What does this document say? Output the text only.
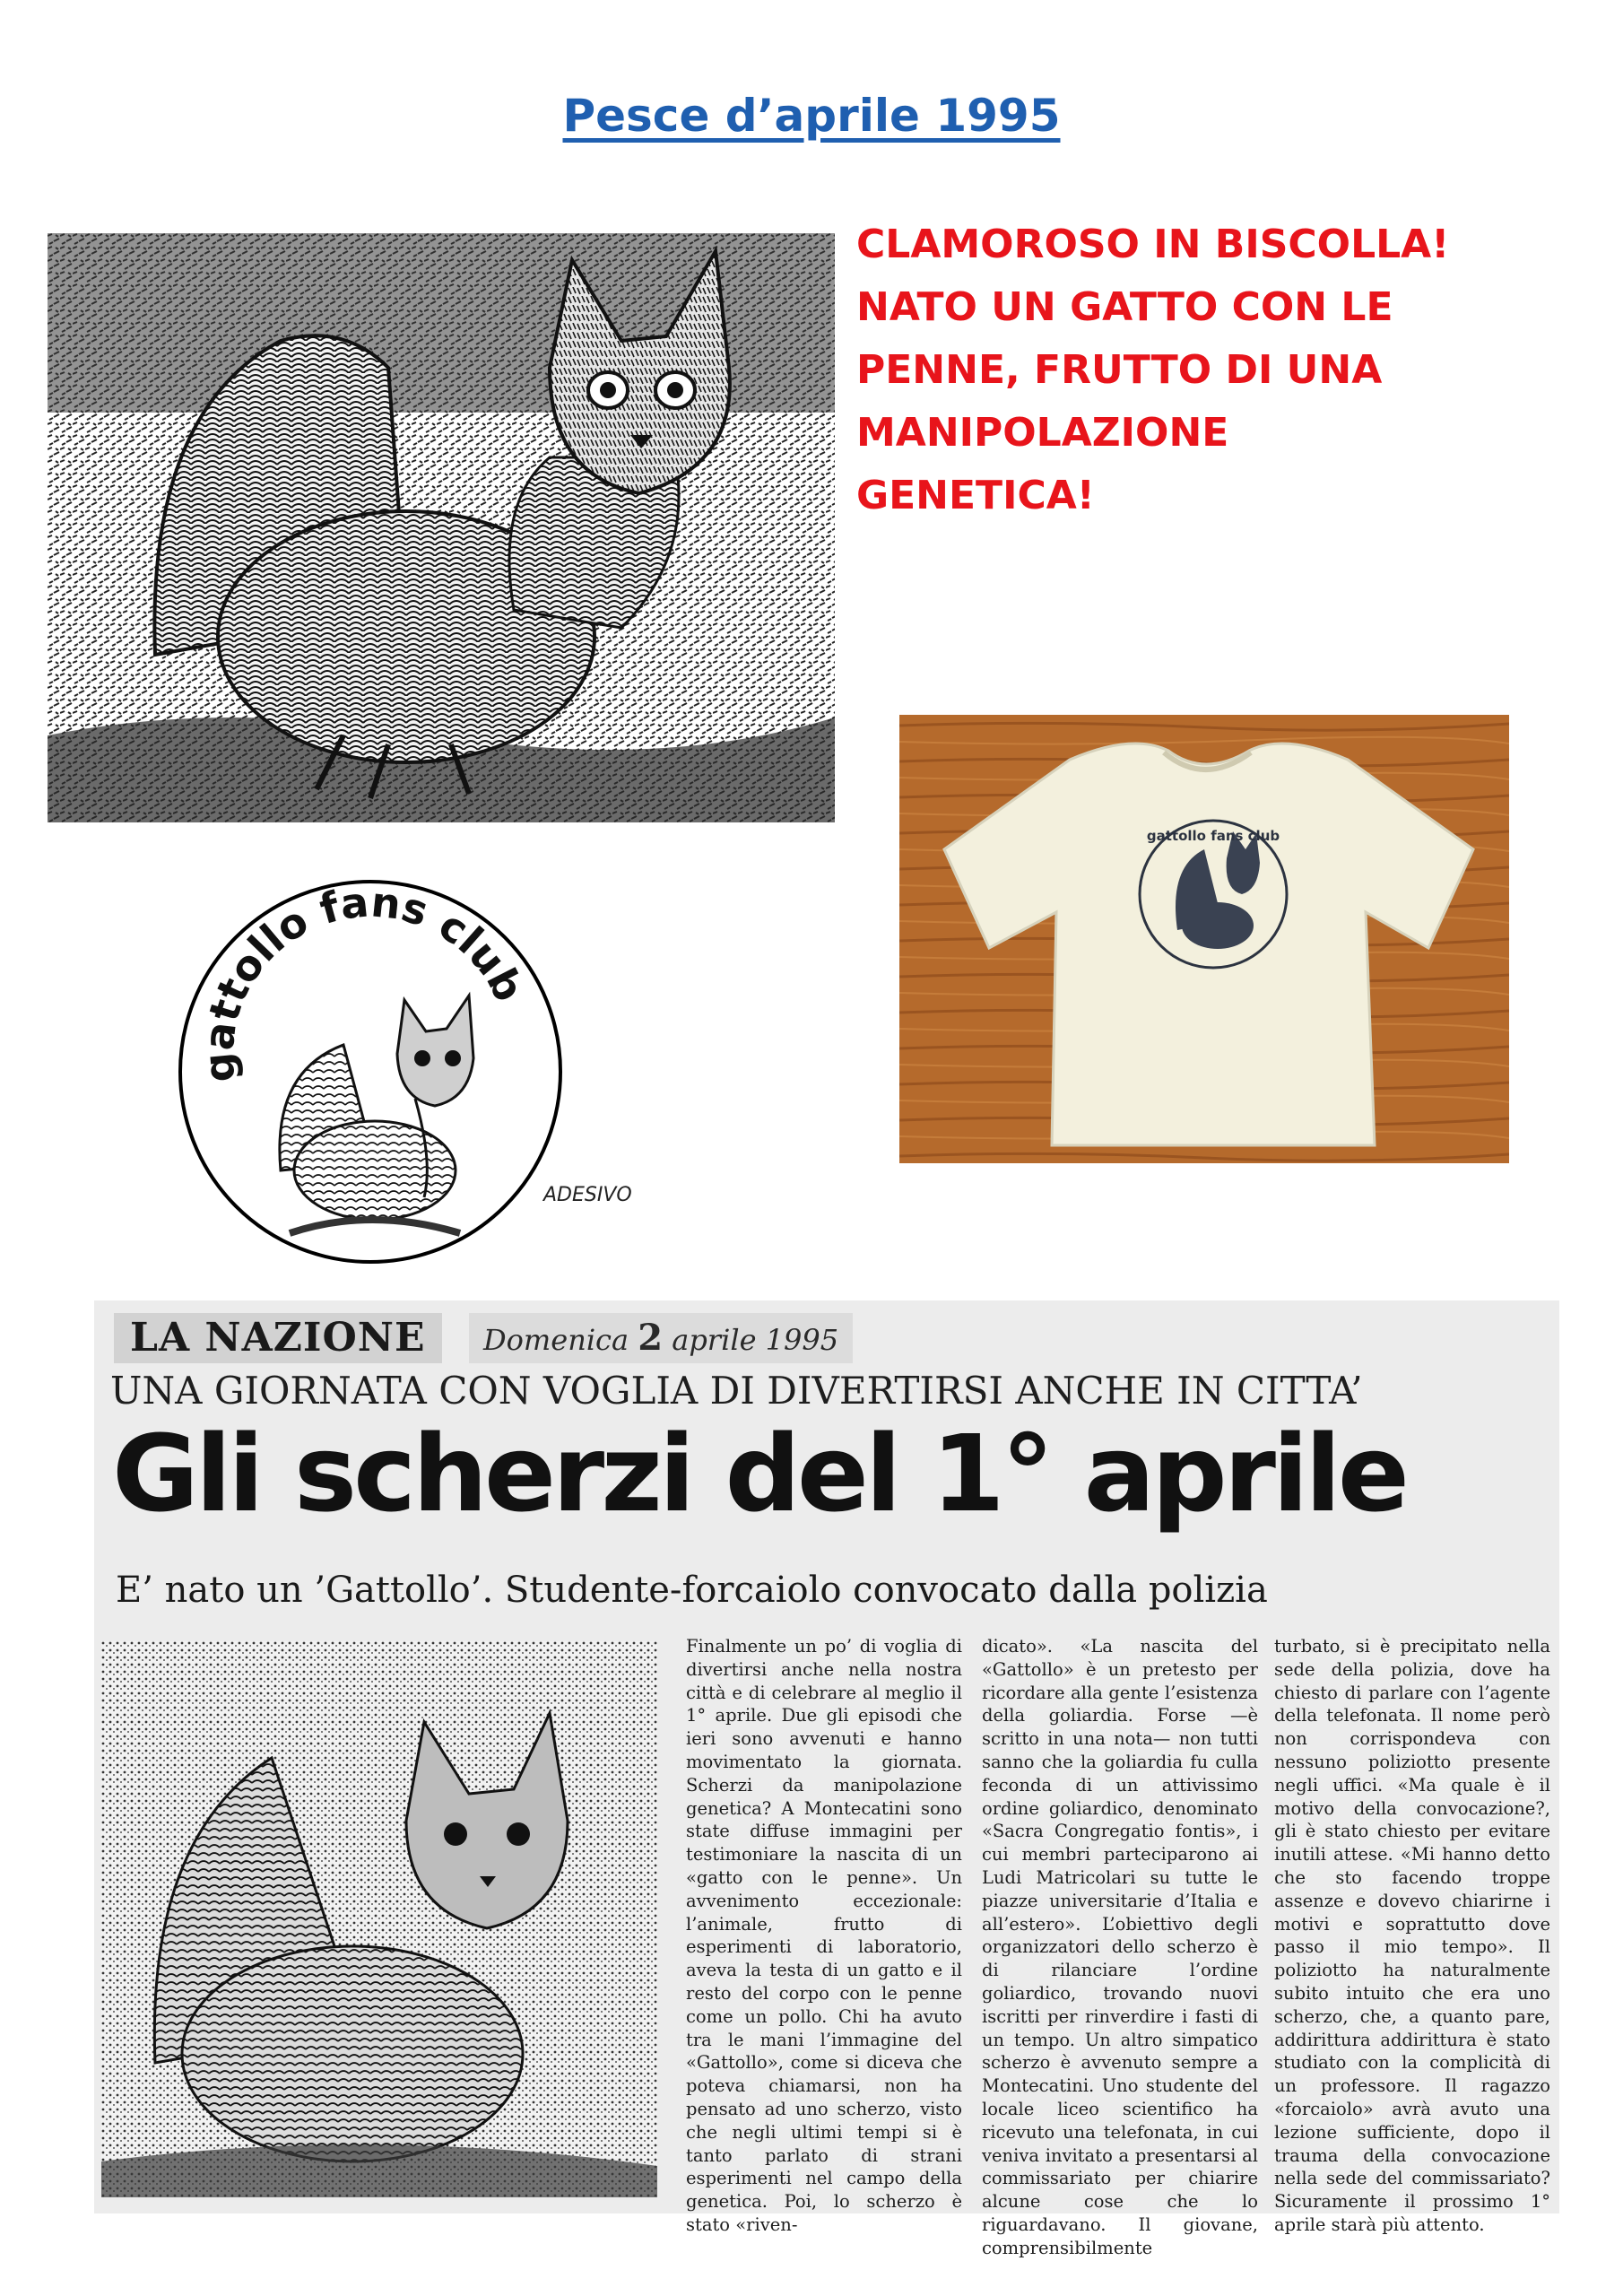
Pesce d’aprile 1995
CLAMOROSO IN BISCOLLA!
NATO UN GATTO CON LE
PENNE, FRUTTO DI UNA
MANIPOLAZIONE
GENETICA!
gattollo fans club
gattollo fans club
ADESIVO
LA NAZIONE	Domenica 2 aprile 1995
UNA GIORNATA CON VOGLIA DI DIVERTIRSI ANCHE IN CITTA’
Gli scherzi del 1° aprile
E’ nato un ’Gattollo’. Studente-forcaiolo convocato dalla polizia

Finalmente un po’ di voglia di divertirsi anche nella nostra città e di celebrare al meglio il 1° aprile. Due gli episodi che ieri sono avvenuti e hanno movimentato la giornata. Scherzi da manipolazione genetica? A Montecatini sono state diffuse immagini per testimoniare la nascita di un «gatto con le penne». Un avvenimento eccezionale: l’animale, frutto di esperimenti di laboratorio, aveva la testa di un gatto e il resto del corpo con le penne come un pollo. Chi ha avuto tra le mani l’immagine del «Gattollo», come si diceva che poteva chiamarsi, non ha pensato ad uno scherzo, visto che negli ultimi tempi si è tanto parlato di strani esperimenti nel campo della genetica. Poi, lo scherzo è stato «riven-

dicato». «La nascita del «Gattollo» è un pretesto per ricordare alla gente l’esistenza della goliardia. Forse —è scritto in una nota— non tutti sanno che la goliardia fu culla feconda di un attivissimo ordine goliardico, denominato «Sacra Congregatio fontis», i cui membri parteciparono ai Ludi Matricolari su tutte le piazze universitarie d’Italia e all’estero». L’obiettivo degli organizzatori dello scherzo è di rilanciare l’ordine goliardico, trovando nuovi iscritti per rinverdire i fasti di un tempo. Un altro simpatico scherzo è avvenuto sempre a Montecatini. Uno studente del locale liceo scientifico ha ricevuto una telefonata, in cui veniva invitato a presentarsi al commissariato per chiarire alcune cose che lo riguardavano. Il giovane, comprensibilmente

turbato, si è precipitato nella sede della polizia, dove ha chiesto di parlare con l’agente della telefonata. Il nome però non corrispondeva con nessuno poliziotto presente negli uffici. «Ma quale è il motivo della convocazione?, gli è stato chiesto per evitare inutili attese. «Mi hanno detto che sto facendo troppe assenze e dovevo chiarirne i motivi e soprattutto dove passo il mio tempo». Il poliziotto ha naturalmente subito intuito che era uno scherzo, che, a quanto pare, addirittura addirittura è stato studiato con la complicità di un professore. Il ragazzo «forcaiolo» avrà avuto una lezione sufficiente, dopo il trauma della convocazione nella sede del commissariato? Sicuramente il prossimo 1° aprile starà più attento.
